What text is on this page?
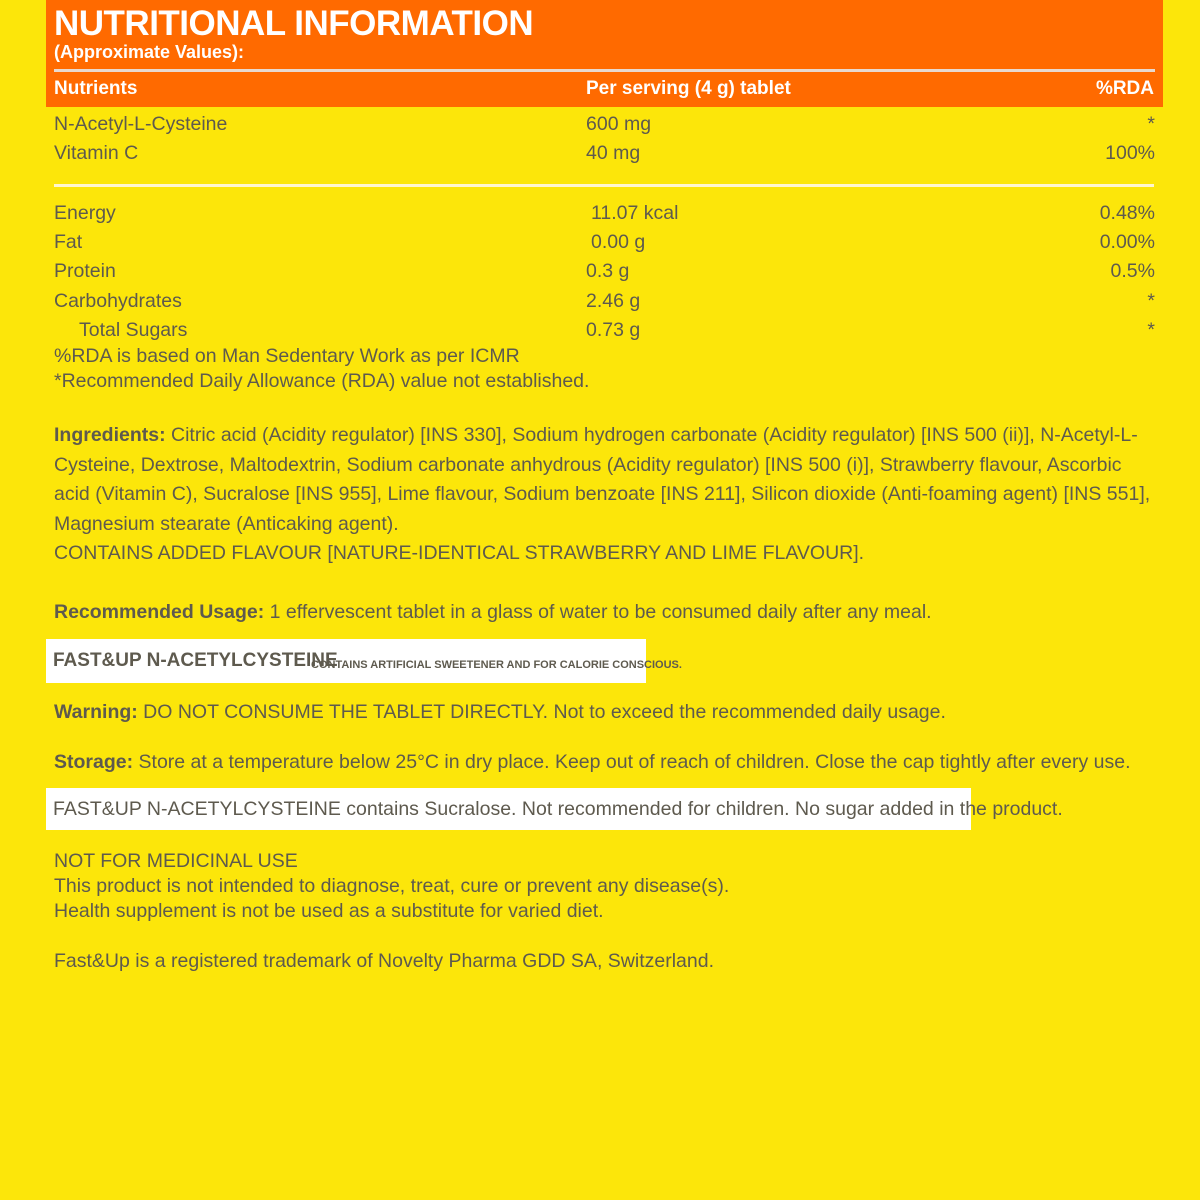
NUTRITIONAL INFORMATION
(Approximate Values):
Nutrients	Per serving (4 g) tablet	%RDA
N-Acetyl-L-Cysteine	600 mg	*
Vitamin C	40 mg	100%
Energy	11.07 kcal	0.48%
Fat	0.00 g	0.00%
Protein	0.3 g	0.5%
Carbohydrates	2.46 g	*
Total Sugars	0.73 g	*
%RDA is based on Man Sedentary Work as per ICMR
*Recommended Daily Allowance (RDA) value not established.
Ingredients: Citric acid (Acidity regulator) [INS 330], Sodium hydrogen carbonate (Acidity regulator) [INS 500 (ii)], N-Acetyl-L-Cysteine, Dextrose, Maltodextrin, Sodium carbonate anhydrous (Acidity regulator) [INS 500 (i)], Strawberry flavour, Ascorbic acid (Vitamin C), Sucralose [INS 955], Lime flavour, Sodium benzoate [INS 211], Silicon dioxide (Anti-foaming agent) [INS 551], Magnesium stearate (Anticaking agent).
CONTAINS ADDED FLAVOUR [NATURE-IDENTICAL STRAWBERRY AND LIME FLAVOUR].
Recommended Usage: 1 effervescent tablet in a glass of water to be consumed daily after any meal.
FAST&UP N-ACETYLCYSTEINE
CONTAINS ARTIFICIAL SWEETENER AND FOR CALORIE CONSCIOUS.
Warning: DO NOT CONSUME THE TABLET DIRECTLY. Not to exceed the recommended daily usage.
Storage: Store at a temperature below 25°C in dry place. Keep out of reach of children. Close the cap tightly after every use.
FAST&UP N-ACETYLCYSTEINE contains Sucralose. Not recommended for children. No sugar added in the product.
NOT FOR MEDICINAL USE
This product is not intended to diagnose, treat, cure or prevent any disease(s).
Health supplement is not be used as a substitute for varied diet.
Fast&Up is a registered trademark of Novelty Pharma GDD SA, Switzerland.
